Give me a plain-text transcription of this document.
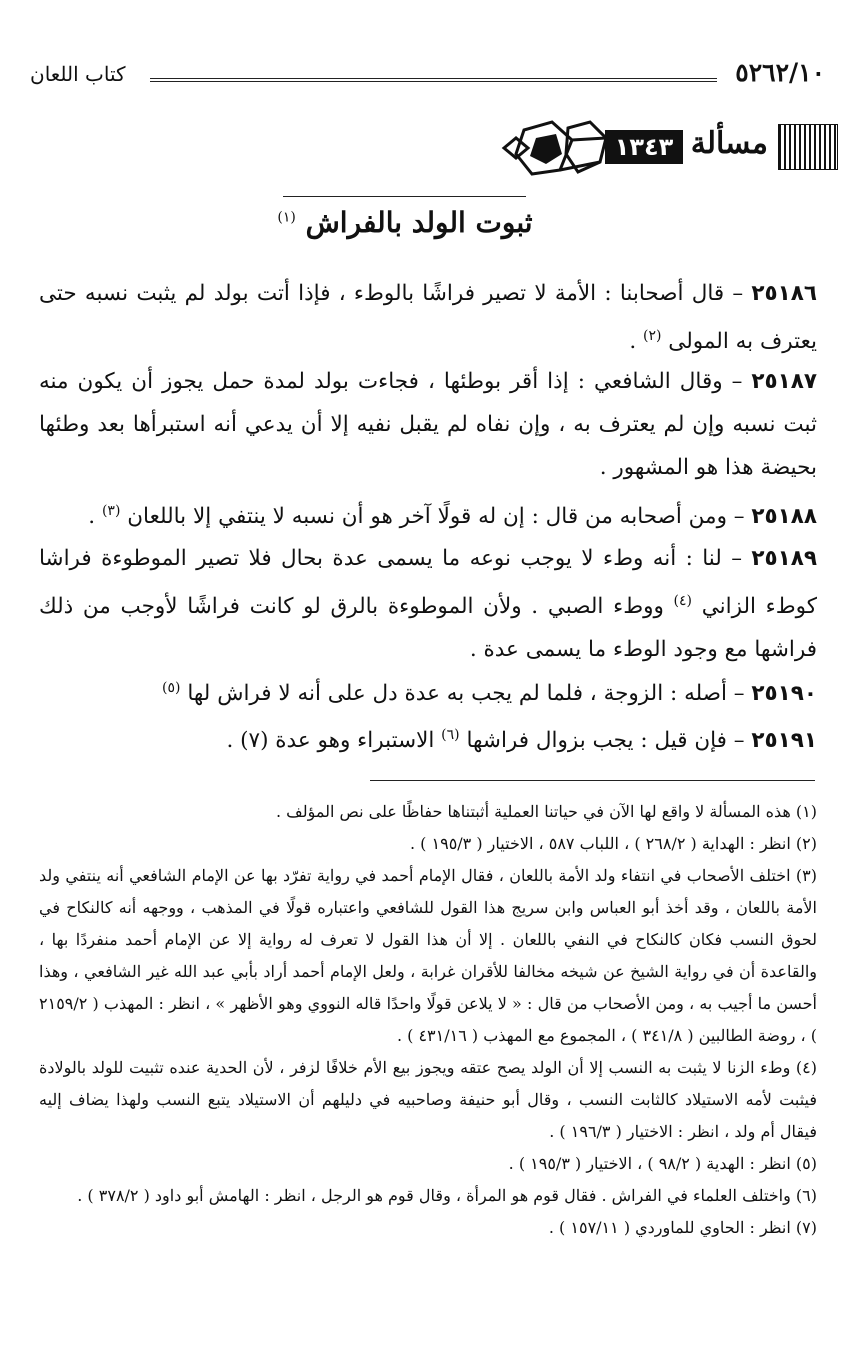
٥٢٦٢/١٠
كتاب اللعان
مسألة
١٣٤٣
ثبوت الولد بالفراش $^{(١)}$
٢٥١٨٦ – قال أصحابنا : الأمة لا تصير فراشًا بالوطء ، فإذا أتت بولد لم يثبت نسبه حتى يعترف به المولى $^{(٢)}$ .
٢٥١٨٧ – وقال الشافعي : إذا أقر بوطئها ، فجاءت بولد لمدة حمل يجوز أن يكون منه ثبت نسبه وإن لم يعترف به ، وإن نفاه لم يقبل نفيه إلا أن يدعي أنه استبرأها بعد وطئها بحيضة هذا هو المشهور .
٢٥١٨٨ – ومن أصحابه من قال : إن له قولًا آخر هو أن نسبه لا ينتفي إلا باللعان $^{(٣)}$ .
٢٥١٨٩ – لنا : أنه وطء لا يوجب نوعه ما يسمى عدة بحال فلا تصير الموطوءة فراشا كوطء الزاني $^{(٤)}$ ووطء الصبي . ولأن الموطوءة بالرق لو كانت فراشًا لأوجب من ذلك فراشها مع وجود الوطء ما يسمى عدة .
٢٥١٩٠ – أصله : الزوجة ، فلما لم يجب به عدة دل على أنه لا فراش لها $^{(٥)}$
٢٥١٩١ – فإن قيل : يجب بزوال فراشها $^{(٦)}$ الاستبراء وهو عدة (٧) .
(١) هذه المسألة لا واقع لها الآن في حياتنا العملية أثبتناها حفاظًا على نص المؤلف .
(٢) انظر : الهداية ( ٢٦٨/٢ ) ، اللباب ٥٨٧ ، الاختيار ( ١٩٥/٣ ) .
(٣) اختلف الأصحاب في انتفاء ولد الأمة باللعان ، فقال الإمام أحمد في رواية تفرّد بها عن الإمام الشافعي أنه ينتفي ولد الأمة باللعان ، وقد أخذ أبو العباس وابن سريج هذا القول للشافعي واعتباره قولًا في المذهب ، ووجهه أنه كالنكاح في لحوق النسب فكان كالنكاح في النفي باللعان . إلا أن هذا القول لا تعرف له رواية إلا عن الإمام أحمد منفردًا بها ، والقاعدة أن في رواية الشيخ عن شيخه مخالفا للأقران غرابة ، ولعل الإمام أحمد أراد بأبي عبد الله غير الشافعي ، وهذا أحسن ما أجيب به ، ومن الأصحاب من قال : « لا يلاعن قولًا واحدًا قاله النووي وهو الأظهر » ، انظر : المهذب ( ٢١٥٩/٢ ) ، روضة الطالبين ( ٣٤١/٨ ) ، المجموع مع المهذب ( ٤٣١/١٦ ) .
(٤) وطء الزنا لا يثبت به النسب إلا أن الولد يصح عتقه ويجوز بيع الأم خلافًا لزفر ، لأن الحدية عنده تثبيت للولد بالولادة فيثبت لأمه الاستيلاد كالثابت النسب ، وقال أبو حنيفة وصاحبيه في دليلهم أن الاستيلاد يتبع النسب ولهذا يضاف إليه فيقال أم ولد ، انظر : الاختيار ( ١٩٦/٣ ) .
(٥) انظر : الهدية ( ٩٨/٢ ) ، الاختيار ( ١٩٥/٣ ) .
(٦) واختلف العلماء في الفراش . فقال قوم هو المرأة ، وقال قوم هو الرجل ، انظر : الهامش أبو داود ( ٣٧٨/٢ ) .
(٧) انظر : الحاوي للماوردي ( ١٥٧/١١ ) .
